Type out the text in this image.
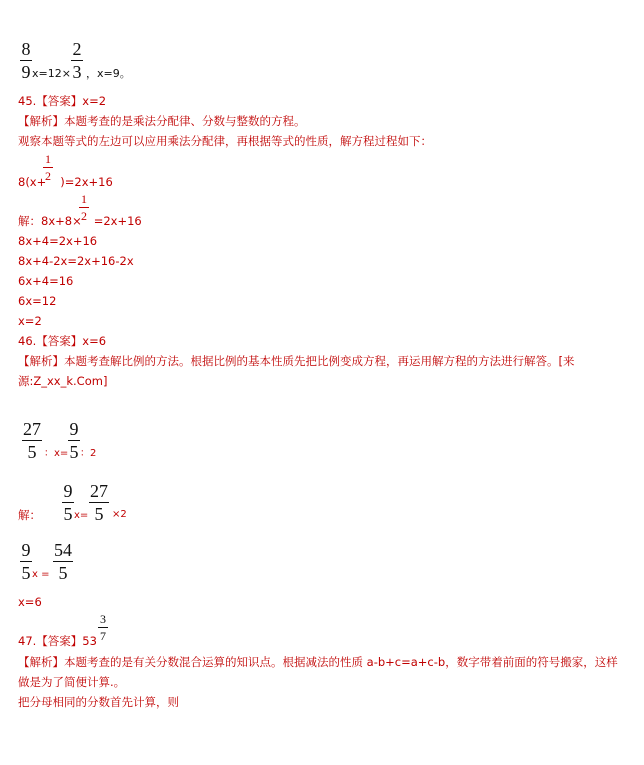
8
9 x=12×
2
3 ，x=9。
45.【答案】x=2
【解析】本题考查的是乘法分配律、分数与整数的方程。
观察本题等式的左边可以应用乘法分配律，再根据等式的性质，解方程过程如下：
8(x+ )=2x+16
1
2
解：8x+8× =2x+16
1
2
8x+4=2x+16
8x+4-2x=2x+16-2x
6x+4=16
6x=12
x=2
46.【答案】x=6
【解析】本题考查解比例的方法。根据比例的基本性质先把比例变成方程，再运用解方程的方法进行解答。[来
源:Z_xx_k.Com]
27
5 ：x=
9
5 ：2
解：
9
5 x=
27
5 ×2
9
5 x =
54
5
x=6
47.【答案】53
3
7
【解析】本题考查的是有关分数混合运算的知识点。根据减法的性质 a-b+c=a+c-b，数字带着前面的符号搬家，这样
做是为了简便计算.。
把分母相同的分数首先计算，则
